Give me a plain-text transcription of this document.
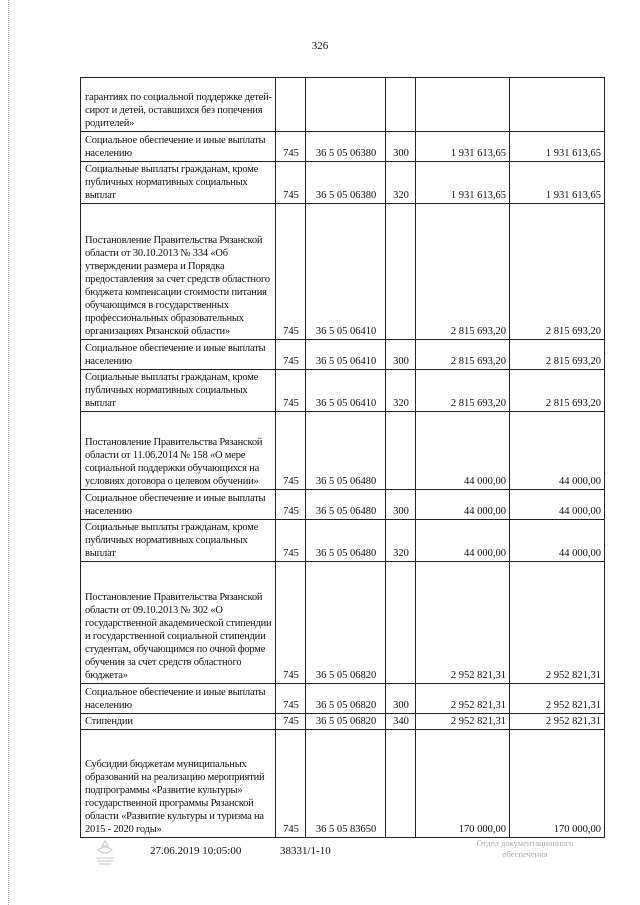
326
гарантиях по социальной поддержке детей-сирот и детей, оставшихся без попечения родителей»					
Социальное обеспечение и иные выплаты населению	745	36 5 05 06380	300	1 931 613,65	1 931 613,65
Социальные выплаты гражданам, кроме публичных нормативных социальных выплат	745	36 5 05 06380	320	1 931 613,65	1 931 613,65
Постановление Правительства Рязанской области от 30.10.2013 № 334 «Об утверждении размера и Порядка предоставления за счет средств областного бюджета компенсации стоимости питания обучающимся в государственных профессиональных образовательных организациях Рязанской области»	745	36 5 05 06410		2 815 693,20	2 815 693,20
Социальное обеспечение и иные выплаты населению	745	36 5 05 06410	300	2 815 693,20	2 815 693,20
Социальные выплаты гражданам, кроме публичных нормативных социальных выплат	745	36 5 05 06410	320	2 815 693,20	2 815 693,20
Постановление Правительства Рязанской области от 11.06.2014 № 158 «О мере социальной поддержки обучающихся на условиях договора о целевом обучении»	745	36 5 05 06480		44 000,00	44 000,00
Социальное обеспечение и иные выплаты населению	745	36 5 05 06480	300	44 000,00	44 000,00
Социальные выплаты гражданам, кроме публичных нормативных социальных выплат	745	36 5 05 06480	320	44 000,00	44 000,00
Постановление Правительства Рязанской области от 09.10.2013 № 302 «О государственной академической стипендии и государственной социальной стипендии студентам, обучающимся по очной форме обучения за счет средств областного бюджета»	745	36 5 05 06820		2 952 821,31	2 952 821,31
Социальное обеспечение и иные выплаты населению	745	36 5 05 06820	300	2 952 821,31	2 952 821,31
Стипендии	745	36 5 05 06820	340	2 952 821,31	2 952 821,31
Субсидии бюджетам муниципальных образований на реализацию мероприятий подпрограммы «Развитие культуры» государственной программы Рязанской области «Развитие культуры и туризма на 2015 - 2020 годы»	745	36 5 05 83650		170 000,00	170 000,00
27.06.2019 10:05:00	38331/1-10
Отдел документационного
обеспечения
